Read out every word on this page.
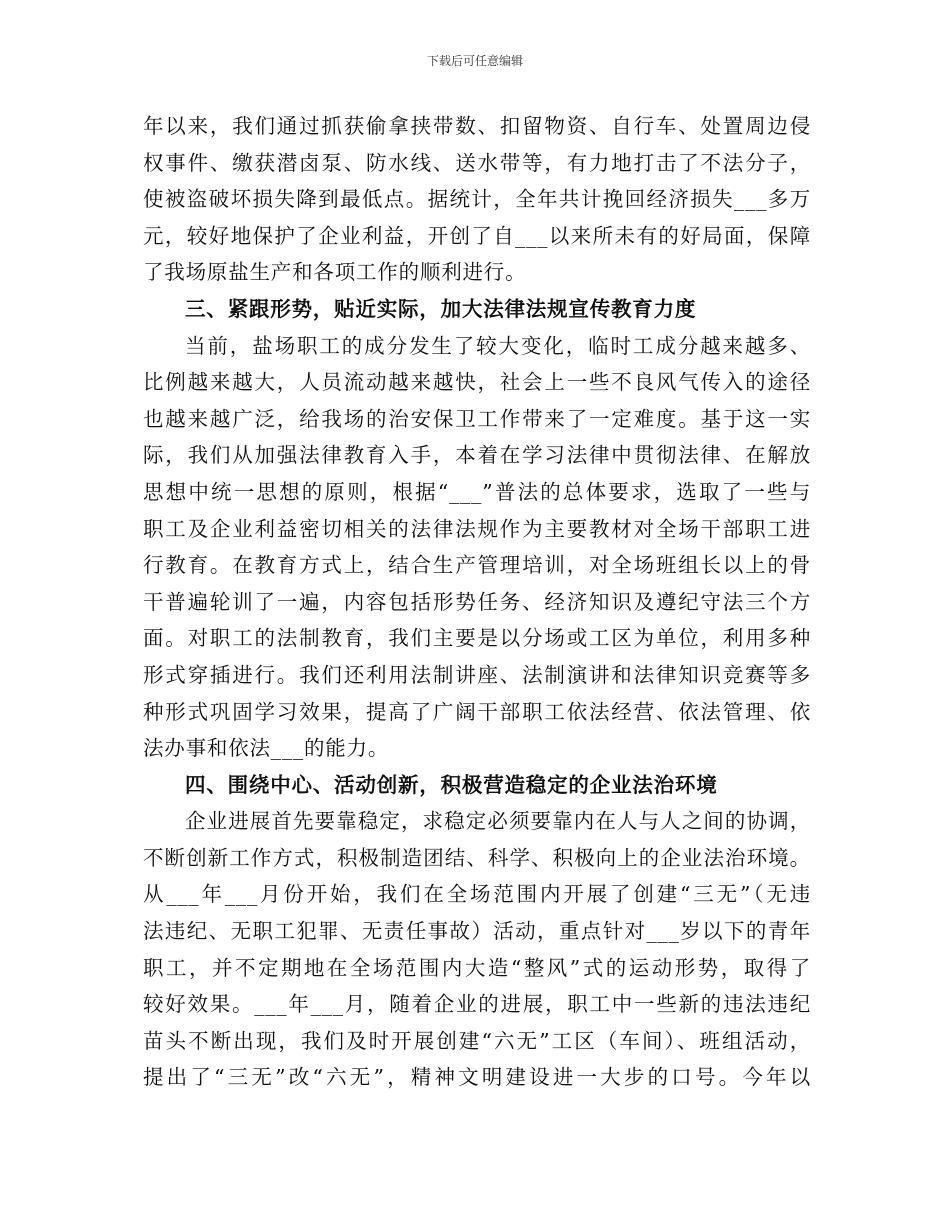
下载后可任意编辑
年以来，我们通过抓获偷拿挟带数、扣留物资、自行车、处置周边侵
权事件、缴获潜卤泵、防水线、送水带等，有力地打击了不法分子，
使被盗破坏损失降到最低点。据统计，全年共计挽回经济损失___多万
元，较好地保护了企业利益，开创了自___以来所未有的好局面，保障
了我场原盐生产和各项工作的顺利进行。
三、紧跟形势，贴近实际，加大法律法规宣传教育力度
当前，盐场职工的成分发生了较大变化，临时工成分越来越多、
比例越来越大，人员流动越来越快，社会上一些不良风气传入的途径
也越来越广泛，给我场的治安保卫工作带来了一定难度。基于这一实
际，我们从加强法律教育入手，本着在学习法律中贯彻法律、在解放
思想中统一思想的原则，根据“___”普法的总体要求，选取了一些与
职工及企业利益密切相关的法律法规作为主要教材对全场干部职工进
行教育。在教育方式上，结合生产管理培训，对全场班组长以上的骨
干普遍轮训了一遍，内容包括形势任务、经济知识及遵纪守法三个方
面。对职工的法制教育，我们主要是以分场或工区为单位，利用多种
形式穿插进行。我们还利用法制讲座、法制演讲和法律知识竞赛等多
种形式巩固学习效果，提高了广阔干部职工依法经营、依法管理、依
法办事和依法___的能力。
四、围绕中心、活动创新，积极营造稳定的企业法治环境
企业进展首先要靠稳定，求稳定必须要靠内在人与人之间的协调，
不断创新工作方式，积极制造团结、科学、积极向上的企业法治环境。
从___年___月份开始，我们在全场范围内开展了创建“三无”（无违
法违纪、无职工犯罪、无责任事故）活动，重点针对___岁以下的青年
职工，并不定期地在全场范围内大造“整风”式的运动形势，取得了
较好效果。___年___月，随着企业的进展，职工中一些新的违法违纪
苗头不断出现，我们及时开展创建“六无”工区（车间）、班组活动，
提出了“三无”改“六无”，精神文明建设进一大步的口号。今年以
